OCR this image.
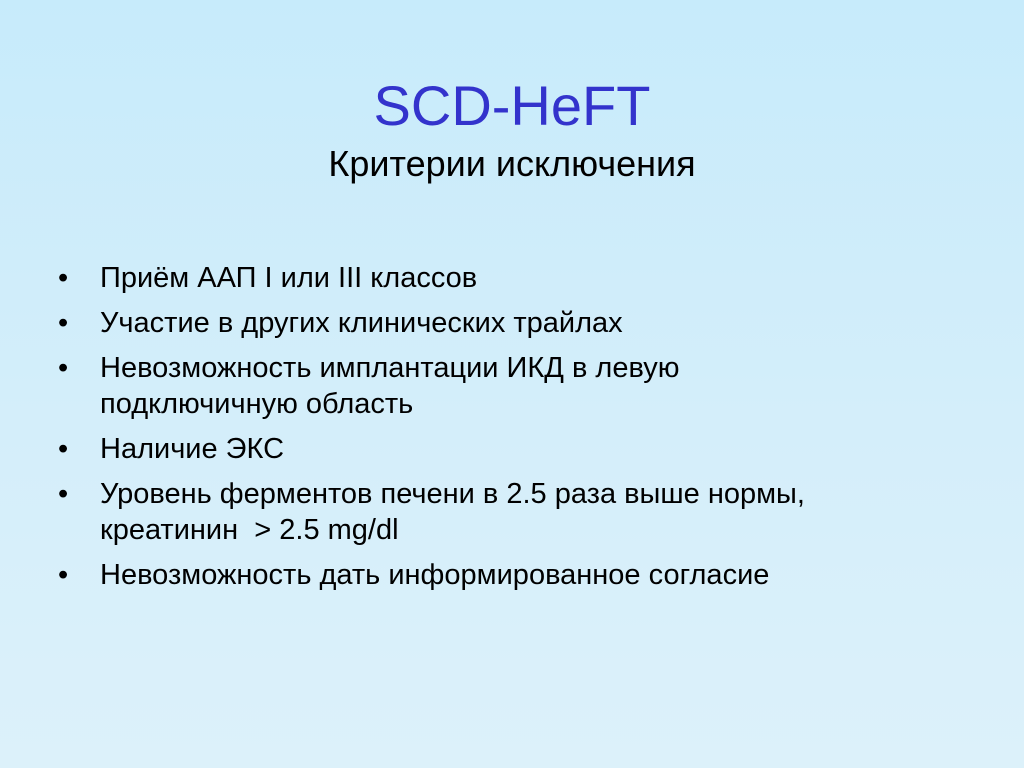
SCD-HeFT
Критерии исключения
•	Приём ААП I или III классов
•	Участие в других клинических трайлах
•	Невозможность имплантации ИКД в левую
подключичную область
•	Наличие ЭКС
•	Уровень ферментов печени в 2.5 раза выше нормы,
креатинин  > 2.5 mg/dl
•	Невозможность дать информированное согласие
